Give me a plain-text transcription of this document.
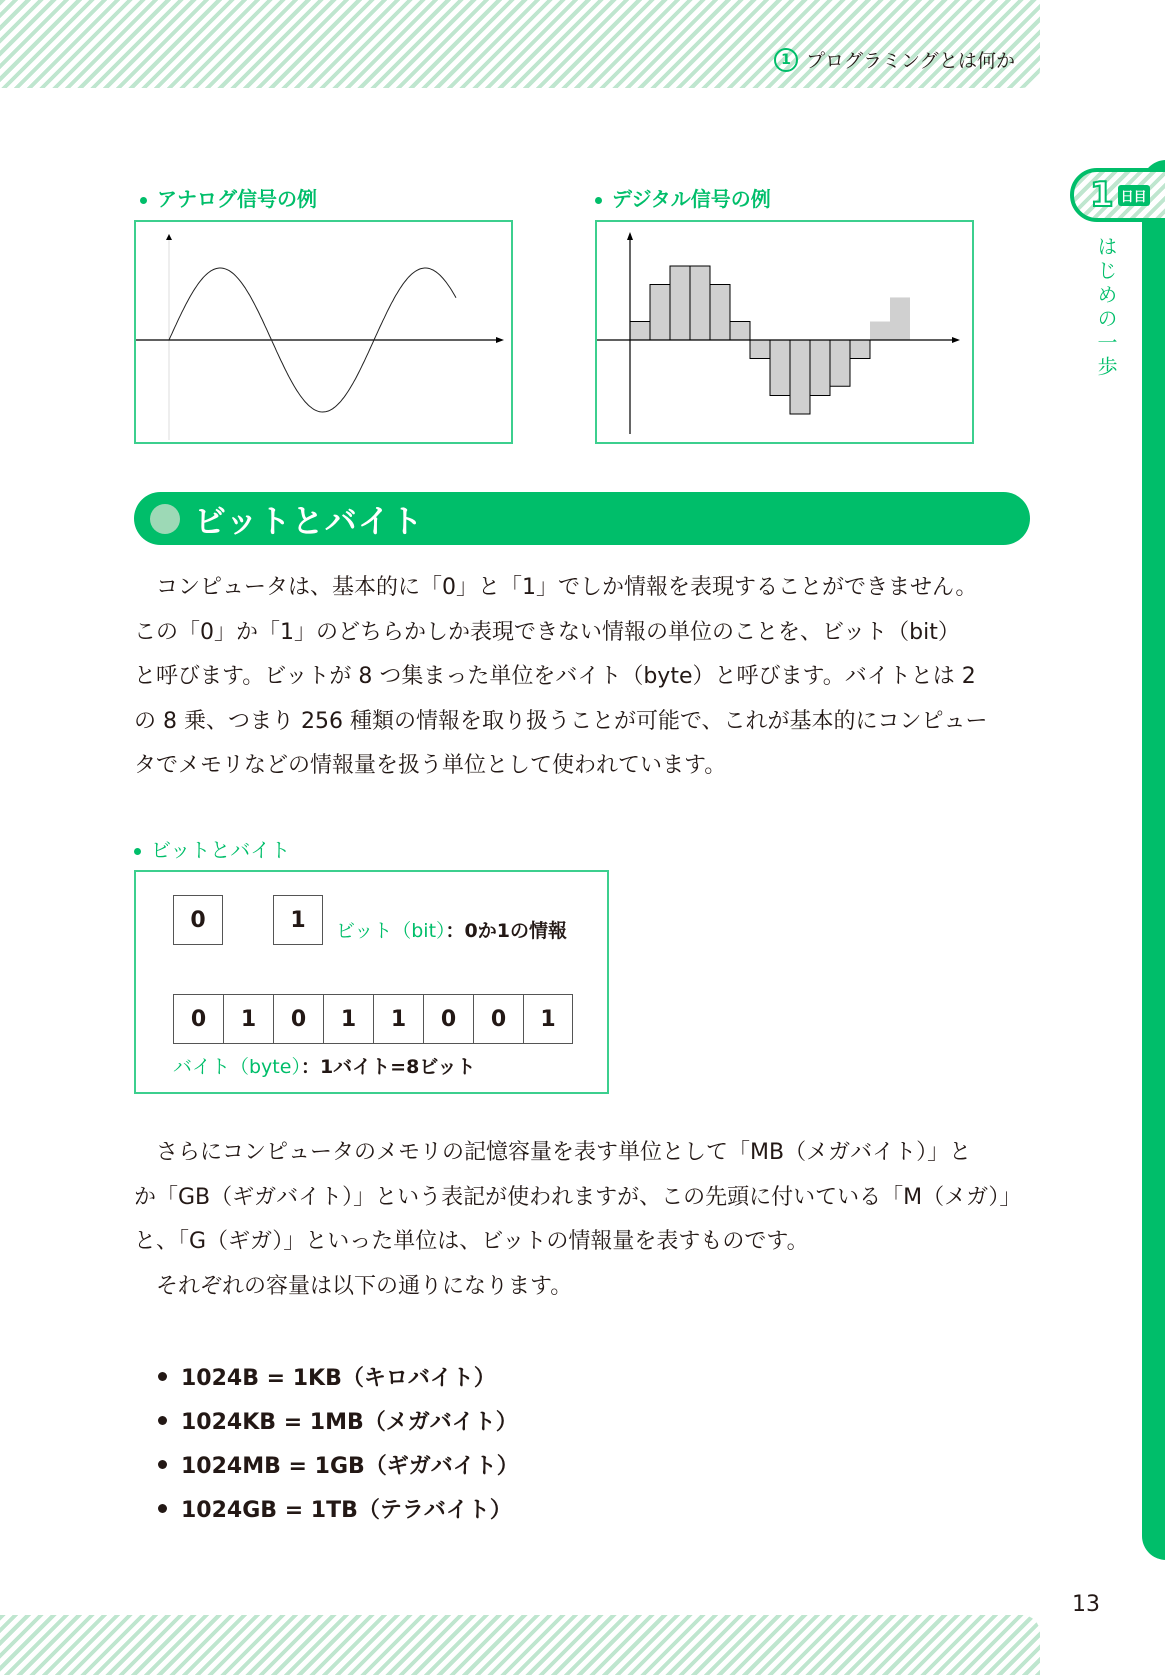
1 プログラミングとは何か
1 日目
はじめの一歩
アナログ信号の例	デジタル信号の例
ビットとバイト

コンピュータは、基本的に「0」と「1」でしか情報を表現することができません。

この「0」か「1」のどちらかしか表現できない情報の単位のことを、ビット（bit）

と呼びます。ビットが 8 つ集まった単位をバイト（byte）と呼びます。バイトとは 2

の 8 乗、つまり 256 種類の情報を取り扱うことが可能で、これが基本的にコンピュー

タでメモリなどの情報量を扱う単位として使われています。

ビットとバイト
0	1	ビット（bit）：0か1の情報
0	1	0	1	1	0	0	1
バイト（byte）：1バイト=8ビット

さらにコンピュータのメモリの記憶容量を表す単位として「MB（メガバイト）」と

か「GB（ギガバイト）」という表記が使われますが、この先頭に付いている「M（メガ）」

と、「G（ギガ）」といった単位は、ビットの情報量を表すものです。

それぞれの容量は以下の通りになります。

1024B = 1KB（キロバイト）
1024KB = 1MB（メガバイト）
1024MB = 1GB（ギガバイト）
1024GB = 1TB（テラバイト）
13
